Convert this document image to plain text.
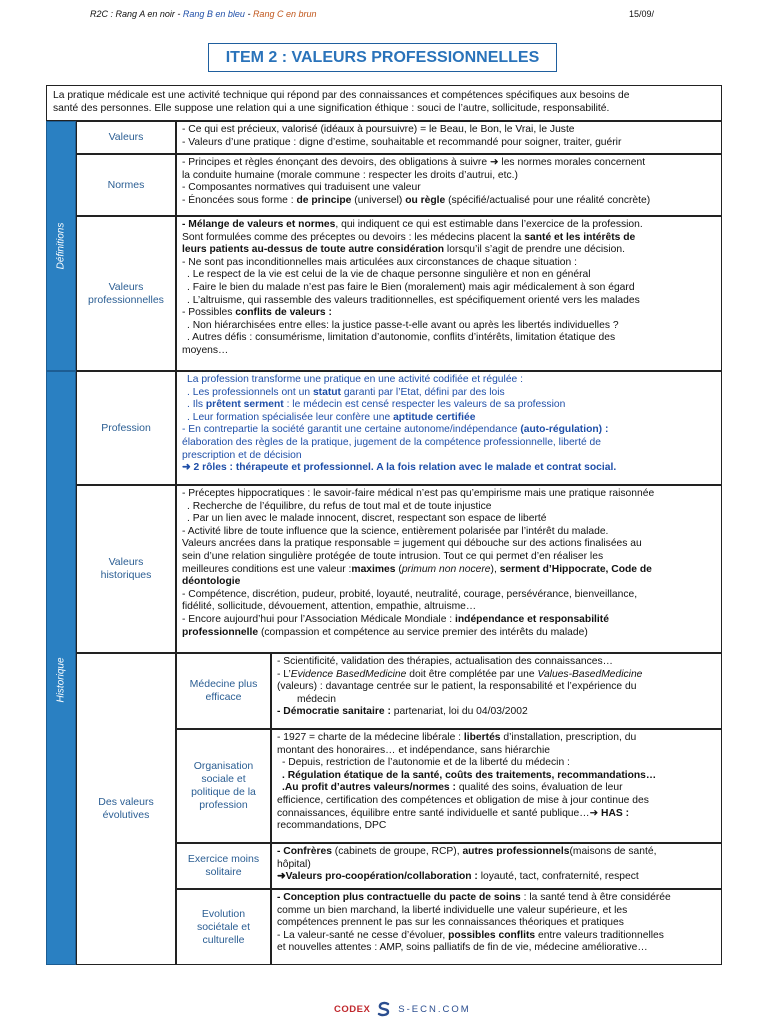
R2C : Rang A en noir - Rang B en bleu - Rang C en brun	15/09/
ITEM 2 : VALEURS PROFESSIONNELLES

La pratique médicale est une activité technique qui répond par des connaissances et compétences spécifiques aux besoins de

santé des personnes. Elle suppose une relation qui a une signification éthique : souci de l’autre, sollicitude, responsabilité.

Définitions
Historique
Valeurs

- Ce qui est précieux, valorisé (idéaux à poursuivre) = le Beau, le Bon, le Vrai, le Juste

- Valeurs d’une pratique : digne d’estime, souhaitable et recommandé pour soigner, traiter, guérir

Normes

- Principes et règles énonçant des devoirs, des obligations à suivre ➜ les normes morales concernent

la conduite humaine (morale commune : respecter les droits d’autrui, etc.)

- Composantes normatives qui traduisent une valeur

- Énoncées sous forme : de principe (universel) ou règle (spécifié/actualisé pour une réalité concrète)

Valeurs
professionnelles

- Mélange de valeurs et normes, qui indiquent ce qui est estimable dans l’exercice de la profession.

Sont formulées comme des préceptes ou devoirs : les médecins placent la santé et les intérêts de

leurs patients au-dessus de toute autre considération lorsqu’il s’agit de prendre une décision.

- Ne sont pas inconditionnelles mais articulées aux circonstances de chaque situation :

. Le respect de la vie est celui de la vie de chaque personne singulière et non en général

. Faire le bien du malade n’est pas faire le Bien (moralement) mais agir médicalement à son égard

. L’altruisme, qui rassemble des valeurs traditionnelles, est spécifiquement orienté vers les malades

- Possibles conflits de valeurs :

. Non hiérarchisées entre elles: la justice passe-t-elle avant ou après les libertés individuelles ?

. Autres défis : consumérisme, limitation d’autonomie, conflits d’intérêts, limitation étatique des

moyens…

Profession

La profession transforme une pratique en une activité codifiée et régulée :

. Les professionnels ont un statut garanti par l’Etat, défini par des lois

. Ils prêtent serment : le médecin est censé respecter les valeurs de sa profession

. Leur formation spécialisée leur confère une aptitude certifiée

- En contrepartie la société garantit une certaine autonome/indépendance (auto-régulation) :

élaboration des règles de la pratique, jugement de la compétence professionnelle, liberté de

prescription et de décision

➜ 2 rôles : thérapeute et professionnel. A la fois relation avec le malade et contrat social.

Valeurs
historiques

- Préceptes hippocratiques : le savoir-faire médical n’est pas qu’empirisme mais une pratique raisonnée

. Recherche de l’équilibre, du refus de tout mal et de toute injustice

. Par un lien avec le malade innocent, discret, respectant son espace de liberté

- Activité libre de toute influence que la science, entièrement polarisée par l’intérêt du malade.

Valeurs ancrées dans la pratique responsable = jugement qui débouche sur des actions finalisées au

sein d’une relation singulière protégée de toute intrusion. Tout ce qui permet d’en réaliser les

meilleures conditions est une valeur :maximes (primum non nocere), serment d’Hippocrate, Code de

déontologie

- Compétence, discrétion, pudeur, probité, loyauté, neutralité, courage, persévérance, bienveillance,

fidélité, sollicitude, dévouement, attention, empathie, altruisme…

- Encore aujourd’hui pour l’Association Médicale Mondiale : indépendance et responsabilité

professionnelle (compassion et compétence au service premier des intérêts du malade)

Des valeurs
évolutives
Médecine plus
efficace

- Scientificité, validation des thérapies, actualisation des connaissances…

- L’Evidence BasedMedicine doit être complétée par une Values-BasedMedicine

(valeurs) : davantage centrée sur le patient, la responsabilité et l’expérience du

médecin

- Démocratie sanitaire : partenariat, loi du 04/03/2002

Organisation
sociale et
politique de la
profession

- 1927 = charte de la médecine libérale : libertés d’installation, prescription, du

montant des honoraires… et indépendance, sans hiérarchie

- Depuis, restriction de l’autonomie et de la liberté du médecin :

. Régulation étatique de la santé, coûts des traitements, recommandations…

.Au profit d’autres valeurs/normes : qualité des soins, évaluation de leur

efficience, certification des compétences et obligation de mise à jour continue des

connaissances, équilibre entre santé individuelle et santé publique…➜ HAS :

recommandations, DPC

Exercice moins
solitaire

- Confrères (cabinets de groupe, RCP), autres professionnels(maisons de santé,

hôpital)

➜Valeurs pro-coopération/collaboration : loyauté, tact, confraternité, respect

Evolution
sociétale et
culturelle

- Conception plus contractuelle du pacte de soins : la santé tend à être considérée

comme un bien marchand, la liberté individuelle une valeur supérieure, et les

compétences prennent le pas sur les connaissances théoriques et pratiques

- La valeur-santé ne cesse d’évoluer, possibles conflits entre valeurs traditionnelles

et nouvelles attentes : AMP, soins palliatifs de fin de vie, médecine améliorative…

CODEX	S-ECN.COM
